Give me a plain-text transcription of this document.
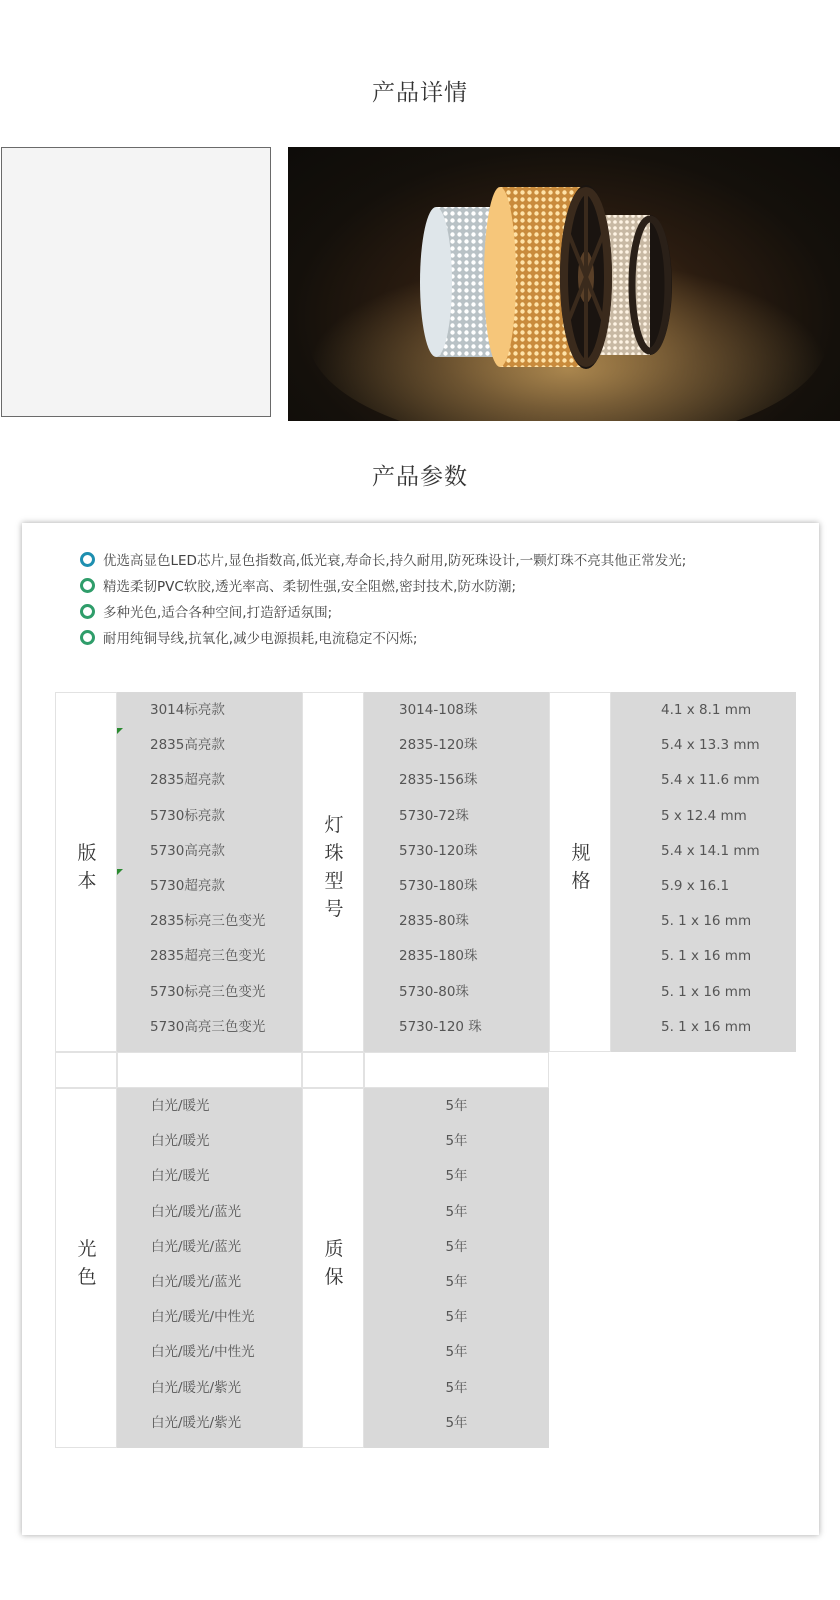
产品详情
产品参数
优选高显色LED芯片,显色指数高,低光衰,寿命长,持久耐用,防死珠设计,一颗灯珠不亮其他正常发光;
精选柔韧PVC软胶,透光率高、柔韧性强,安全阻燃,密封技术,防水防潮;
多种光色,适合各种空间,打造舒适氛围;
耐用纯铜导线,抗氧化,减少电源损耗,电流稳定不闪烁;
版本
3014标亮款
2835高亮款
2835超亮款
5730标亮款
5730高亮款
5730超亮款
2835标亮三色变光
2835超亮三色变光
5730标亮三色变光
5730高亮三色变光
灯珠型号
3014-108珠
2835-120珠
2835-156珠
5730-72珠
5730-120珠
5730-180珠
2835-80珠
2835-180珠
5730-80珠
5730-120 珠
规格
4.1 x 8.1 mm
5.4 x 13.3 mm
5.4 x 11.6 mm
5 x 12.4 mm
5.4 x 14.1 mm
5.9 x 16.1
5. 1 x 16 mm
5. 1 x 16 mm
5. 1 x 16 mm
5. 1 x 16 mm
光色
白光/暖光
白光/暖光
白光/暖光
白光/暖光/蓝光
白光/暖光/蓝光
白光/暖光/蓝光
白光/暖光/中性光
白光/暖光/中性光
白光/暖光/紫光
白光/暖光/紫光
质保
5年
5年
5年
5年
5年
5年
5年
5年
5年
5年
